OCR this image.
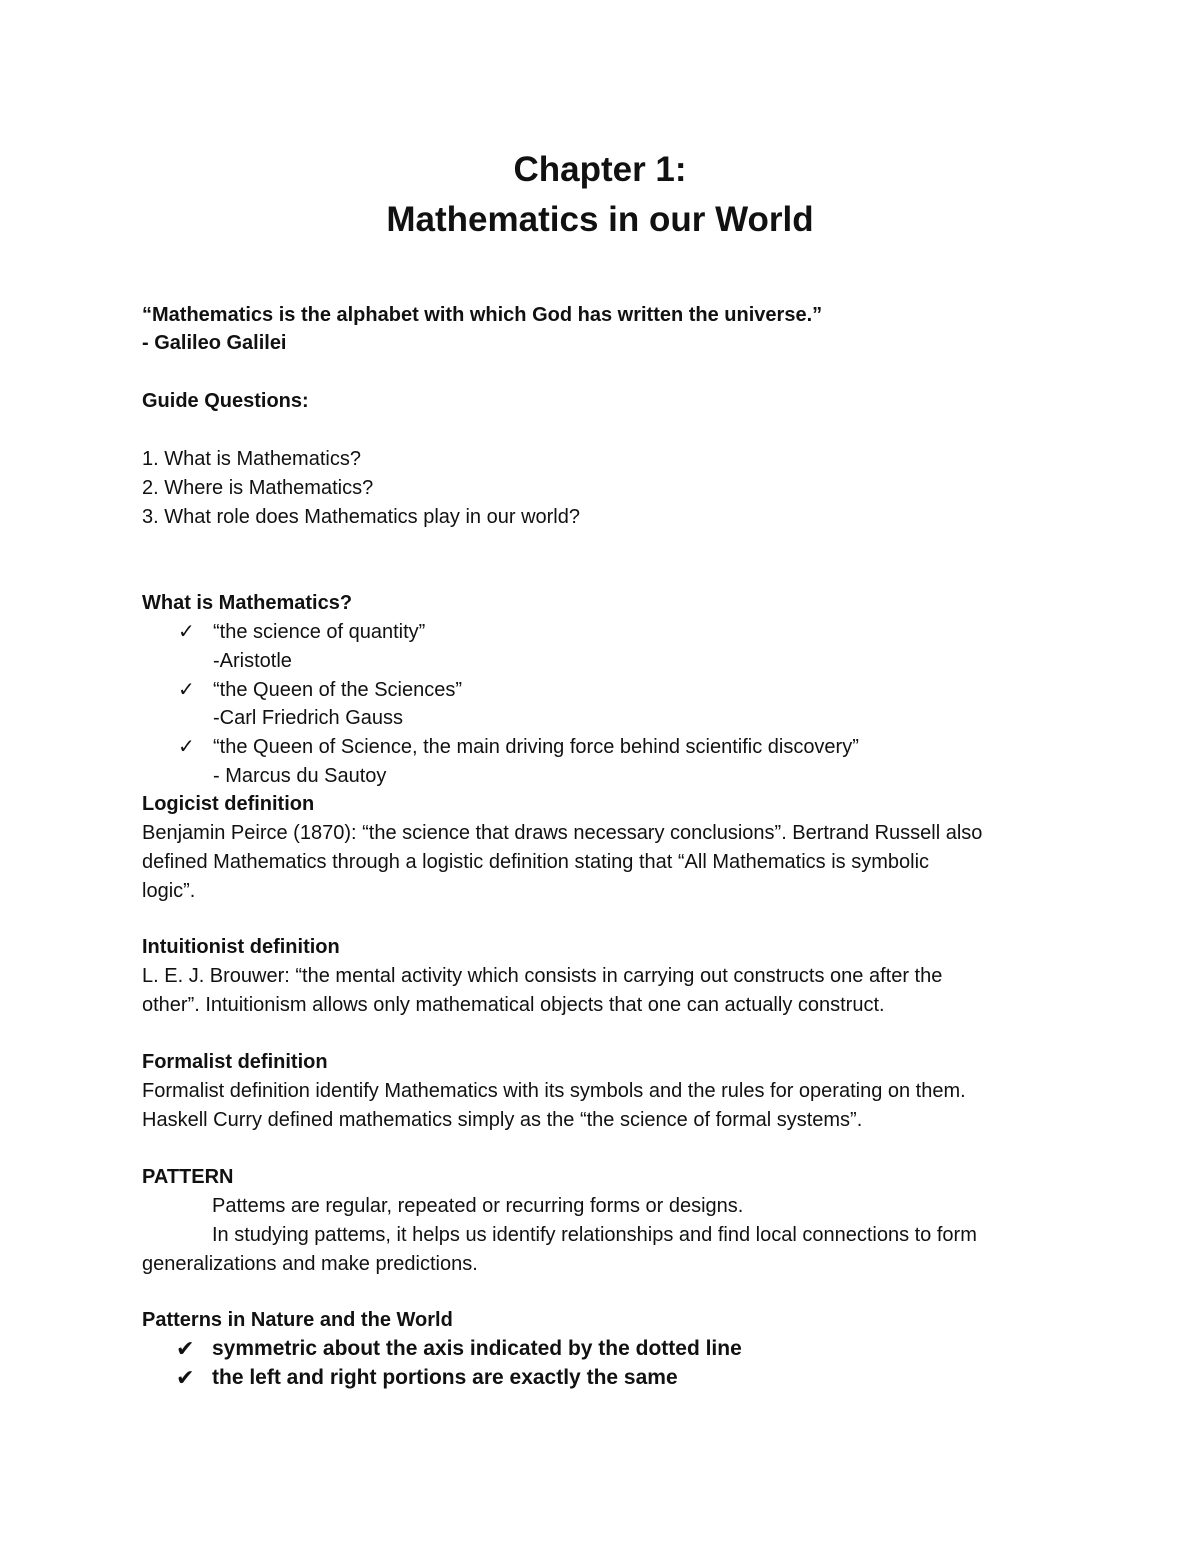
Chapter 1:
Mathematics in our World
“Mathematics is the alphabet with which God has written the universe.”
- Galileo Galilei
Guide Questions:
1. What is Mathematics?
2. Where is Mathematics?
3. What role does Mathematics play in our world?
What is Mathematics?
✓ “the science of quantity”
-Aristotle
✓ “the Queen of the Sciences”
-Carl Friedrich Gauss
✓ “the Queen of Science, the main driving force behind scientific discovery”
- Marcus du Sautoy
Logicist definition
Benjamin Peirce (1870): “the science that draws necessary conclusions”. Bertrand Russell also
defined Mathematics through a logistic definition stating that “All Mathematics is symbolic
logic”.
Intuitionist definition
L. E. J. Brouwer: “the mental activity which consists in carrying out constructs one after the
other”. Intuitionism allows only mathematical objects that one can actually construct.
Formalist definition
Formalist definition identify Mathematics with its symbols and the rules for operating on them.
Haskell Curry defined mathematics simply as the “the science of formal systems”.
PATTERN
Pattems are regular, repeated or recurring forms or designs.
In studying pattems, it helps us identify relationships and find local connections to form
generalizations and make predictions.
Patterns in Nature and the World
✔ symmetric about the axis indicated by the dotted line
✔ the left and right portions are exactly the same
